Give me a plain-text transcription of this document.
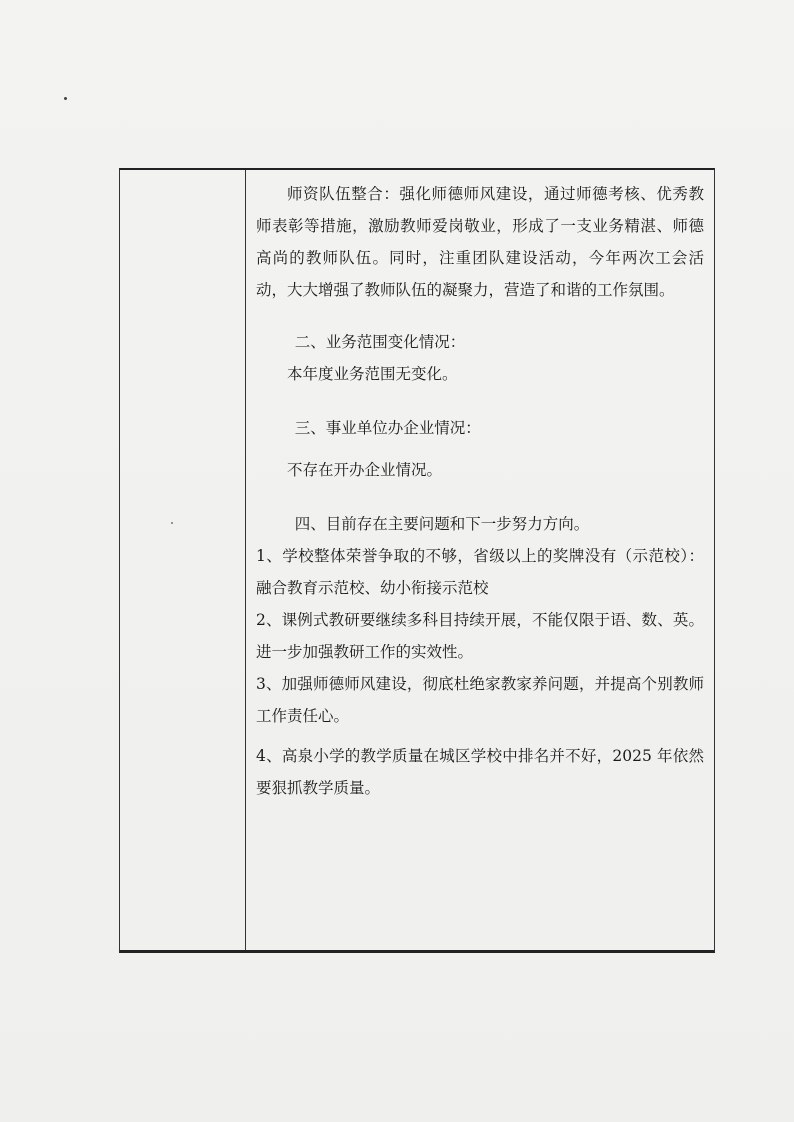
师资队伍整合：强化师德师风建设，通过师德考核、优秀教师表彰等措施，激励教师爱岗敬业，形成了一支业务精湛、师德高尚的教师队伍。同时，注重团队建设活动，今年两次工会活动，大大增强了教师队伍的凝聚力，营造了和谐的工作氛围。

二、业务范围变化情况：

本年度业务范围无变化。

三、事业单位办企业情况：

不存在开办企业情况。

四、目前存在主要问题和下一步努力方向。

1、学校整体荣誉争取的不够，省级以上的奖牌没有（示范校）：融合教育示范校、幼小衔接示范校

2、课例式教研要继续多科目持续开展，不能仅限于语、数、英。进一步加强教研工作的实效性。

3、加强师德师风建设，彻底杜绝家教家养问题，并提高个别教师工作责任心。

4、高泉小学的教学质量在城区学校中排名并不好，2025 年依然要狠抓教学质量。
